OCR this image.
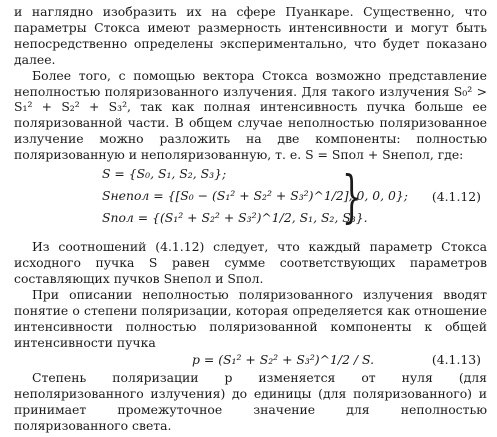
и наглядно изобразить их на сфере Пуанкаре. Существенно, что параметры Стокса имеют размерность интенсивности и могут быть непосредственно определены экспериментально, что будет показано далее.

Более того, с помощью вектора Стокса возможно представление неполностью поляризованного излучения. Для такого излучения S₀² > S₁² + S₂² + S₃², так как полная интенсивность пучка больше ее поляризованной части. В общем случае неполностью поляризованное излучение можно разложить на две компоненты: полностью поляризованную и неполяризованную, т. е. S = Sпол + Sнепол, где:

S = {S₀, S₁, S₂, S₃};
Sнепол = {[S₀ − (S₁² + S₂² + S₃²)^1/2], 0, 0, 0};
Sпол = {(S₁² + S₂² + S₃²)^1/2, S₁, S₂, S₃}.
}	(4.1.12)

Из соотношений (4.1.12) следует, что каждый параметр Стокса исходного пучка S равен сумме соответствующих параметров составляющих пучков Sнепол и Sпол.

При описании неполностью поляризованного излучения вводят понятие о степени поляризации, которая определяется как отношение интенсивности полностью поляризованной компоненты к общей интенсивности пучка

p = (S₁² + S₂² + S₃²)^1/2 / S.	(4.1.13)

Степень поляризации p изменяется от нуля (для неполяризованного излучения) до единицы (для поляризованного) и принимает промежуточное значение для неполностью поляризованного света.
